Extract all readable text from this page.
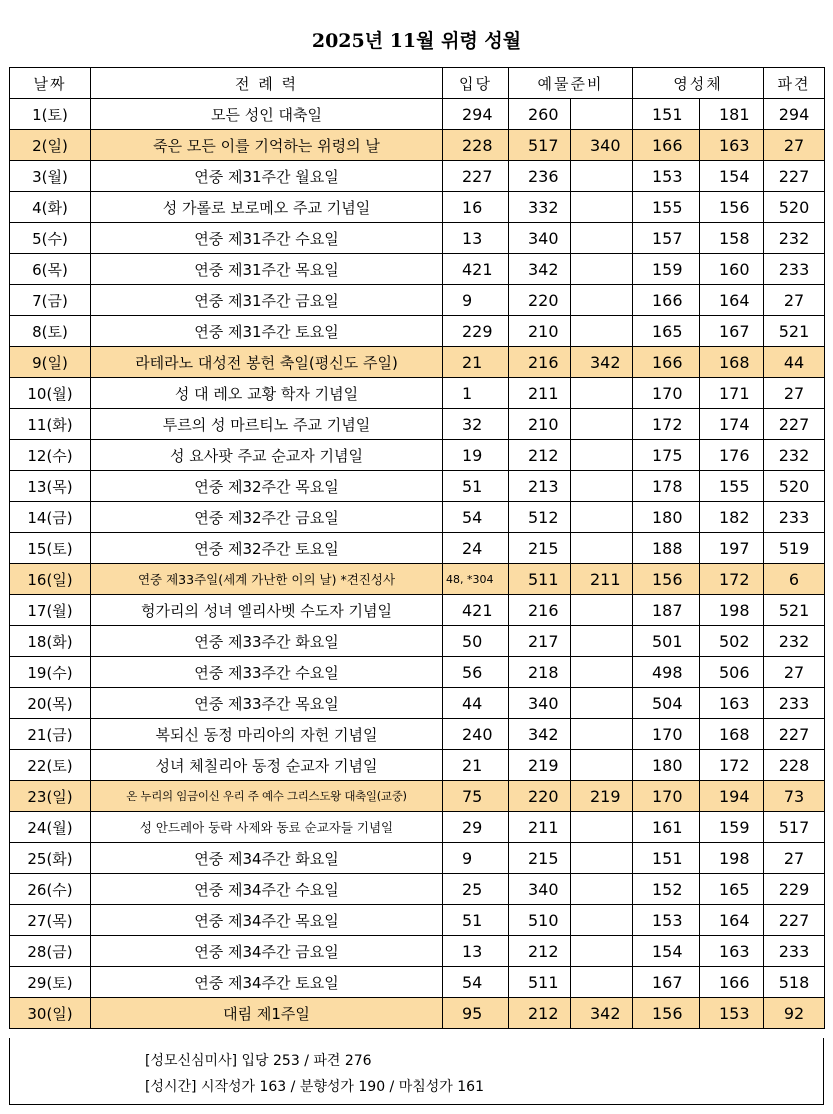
2025년 11월 위령 성월
날짜	전 례 력	입당	예물준비		영성체		파견
1(토)	모든 성인 대축일	294	260		151	181	294
2(일)	죽은 모든 이를 기억하는 위령의 날	228	517	340	166	163	27
3(월)	연중 제31주간 월요일	227	236		153	154	227
4(화)	성 가롤로 보로메오 주교 기념일	16	332		155	156	520
5(수)	연중 제31주간 수요일	13	340		157	158	232
6(목)	연중 제31주간 목요일	421	342		159	160	233
7(금)	연중 제31주간 금요일	9	220		166	164	27
8(토)	연중 제31주간 토요일	229	210		165	167	521
9(일)	라테라노 대성전 봉헌 축일(평신도 주일)	21	216	342	166	168	44
10(월)	성 대 레오 교황 학자 기념일	1	211		170	171	27
11(화)	투르의 성 마르티노 주교 기념일	32	210		172	174	227
12(수)	성 요사팟 주교 순교자 기념일	19	212		175	176	232
13(목)	연중 제32주간 목요일	51	213		178	155	520
14(금)	연중 제32주간 금요일	54	512		180	182	233
15(토)	연중 제32주간 토요일	24	215		188	197	519
16(일)	연중 제33주일(세계 가난한 이의 날) *견진성사	48, *304	511	211	156	172	6
17(월)	헝가리의 성녀 엘리사벳 수도자 기념일	421	216		187	198	521
18(화)	연중 제33주간 화요일	50	217		501	502	232
19(수)	연중 제33주간 수요일	56	218		498	506	27
20(목)	연중 제33주간 목요일	44	340		504	163	233
21(금)	복되신 동정 마리아의 자헌 기념일	240	342		170	168	227
22(토)	성녀 체칠리아 동정 순교자 기념일	21	219		180	172	228
23(일)	온 누리의 임금이신 우리 주 예수 그리스도왕 대축일(교중)	75	220	219	170	194	73
24(월)	성 안드레아 둥락 사제와 동료 순교자들 기념일	29	211		161	159	517
25(화)	연중 제34주간 화요일	9	215		151	198	27
26(수)	연중 제34주간 수요일	25	340		152	165	229
27(목)	연중 제34주간 목요일	51	510		153	164	227
28(금)	연중 제34주간 금요일	13	212		154	163	233
29(토)	연중 제34주간 토요일	54	511		167	166	518
30(일)	대림 제1주일	95	212	342	156	153	92
[성모신심미사] 입당 253 / 파견 276
[성시간] 시작성가 163 / 분향성가 190 / 마침성가 161
